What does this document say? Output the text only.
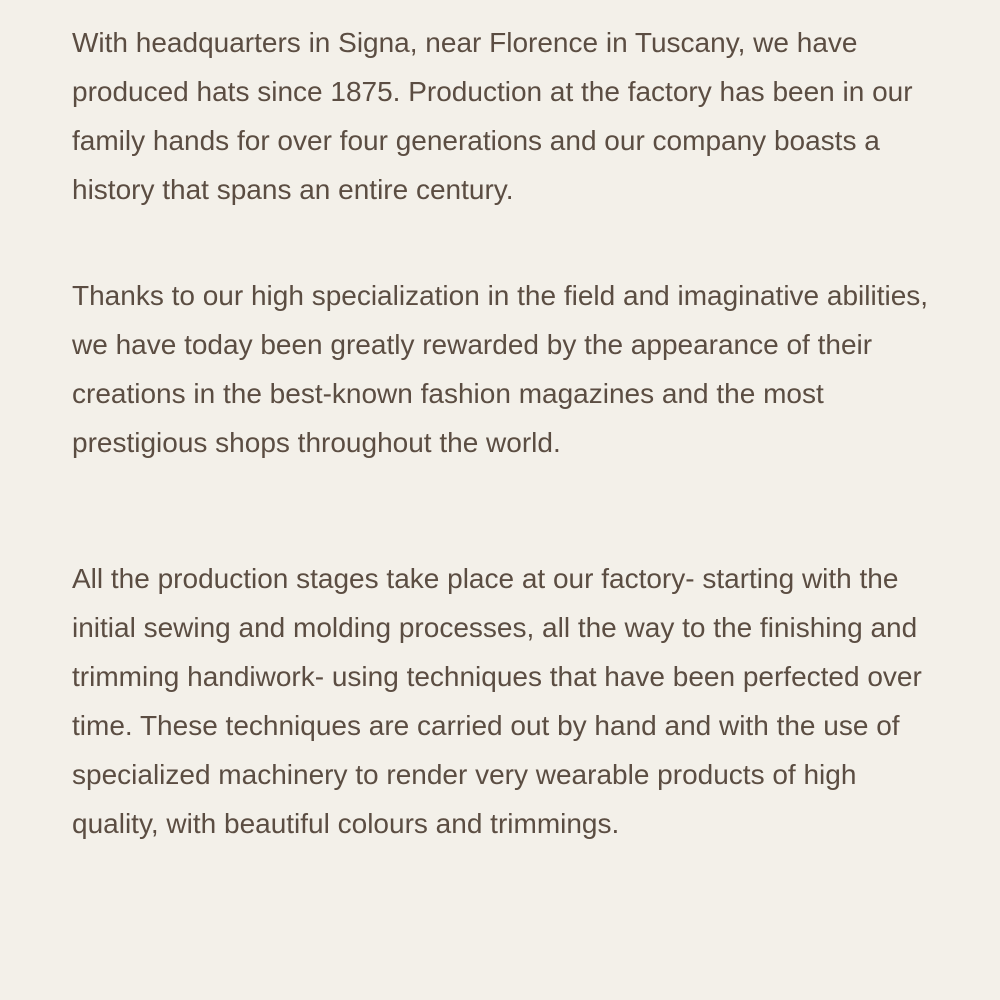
With headquarters in Signa, near Florence in Tuscany, we have produced hats since 1875. Production at the factory has been in our family hands for over four generations and our company boasts a history that spans an entire century.

Thanks to our high specialization in the field and imaginative abilities, we have today been greatly rewarded by the appearance of their creations in the best-known fashion magazines and the most prestigious shops throughout the world.

All the production stages take place at our factory- starting with the initial sewing and molding processes, all the way to the finishing and trimming handiwork- using techniques that have been perfected over time. These techniques are carried out by hand and with the use of specialized machinery to render very wearable products of high quality, with beautiful colours and trimmings.
